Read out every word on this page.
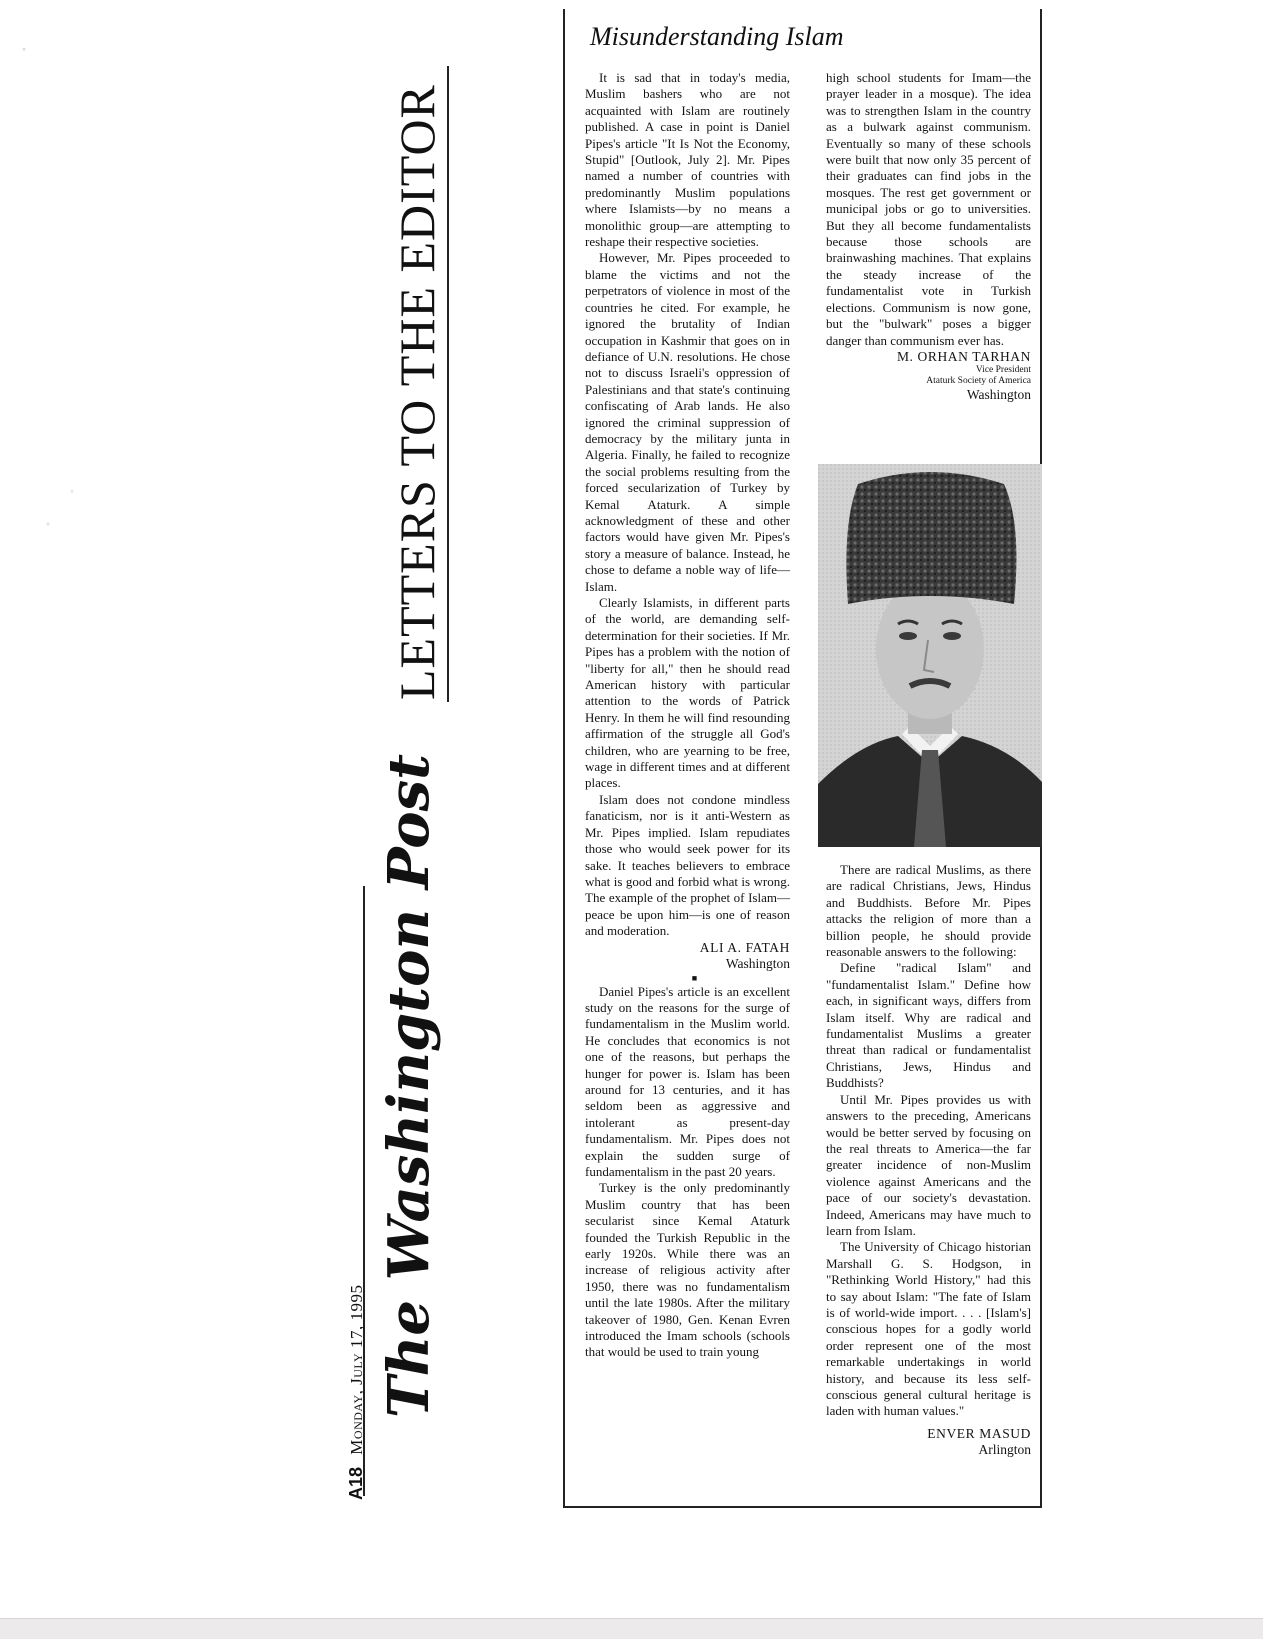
LETTERS TO THE EDITOR
The Washington Post
A18 Monday, July 17, 1995
Misunderstanding Islam

It is sad that in today's media, Muslim bashers who are not acquainted with Islam are routinely published. A case in point is Daniel Pipes's article "It Is Not the Economy, Stupid" [Outlook, July 2]. Mr. Pipes named a number of countries with predominantly Muslim populations where Islamists—by no means a monolithic group—are attempting to reshape their respective societies.

However, Mr. Pipes proceeded to blame the victims and not the perpetrators of violence in most of the countries he cited. For example, he ignored the brutality of Indian occupation in Kashmir that goes on in defiance of U.N. resolutions. He chose not to discuss Israeli's oppression of Palestinians and that state's continuing confiscating of Arab lands. He also ignored the criminal suppression of democracy by the military junta in Algeria. Finally, he failed to recognize the social problems resulting from the forced secularization of Turkey by Kemal Ataturk. A simple acknowledgment of these and other factors would have given Mr. Pipes's story a measure of balance. Instead, he chose to defame a noble way of life—Islam.

Clearly Islamists, in different parts of the world, are demanding self-determination for their societies. If Mr. Pipes has a problem with the notion of "liberty for all," then he should read American history with particular attention to the words of Patrick Henry. In them he will find resounding affirmation of the struggle all God's children, who are yearning to be free, wage in different times and at different places.

Islam does not condone mindless fanaticism, nor is it anti-Western as Mr. Pipes implied. Islam repudiates those who would seek power for its sake. It teaches believers to embrace what is good and forbid what is wrong. The example of the prophet of Islam—peace be upon him—is one of reason and moderation.

ALI A. FATAH

Washington

■

Daniel Pipes's article is an excellent study on the reasons for the surge of fundamentalism in the Muslim world. He concludes that economics is not one of the reasons, but perhaps the hunger for power is. Islam has been around for 13 centuries, and it has seldom been as aggressive and intolerant as present-day fundamentalism. Mr. Pipes does not explain the sudden surge of fundamentalism in the past 20 years.

Turkey is the only predominantly Muslim country that has been secularist since Kemal Ataturk founded the Turkish Republic in the early 1920s. While there was an increase of religious activity after 1950, there was no fundamentalism until the late 1980s. After the military takeover of 1980, Gen. Kenan Evren introduced the Imam schools (schools that would be used to train young

high school students for Imam—the prayer leader in a mosque). The idea was to strengthen Islam in the country as a bulwark against communism. Eventually so many of these schools were built that now only 35 percent of their graduates can find jobs in the mosques. The rest get government or municipal jobs or go to universities. But they all become fundamentalists because those schools are brainwashing machines. That explains the steady increase of the fundamentalist vote in Turkish elections. Communism is now gone, but the "bulwark" poses a bigger danger than communism ever has.

M. ORHAN TARHAN

Vice President

Ataturk Society of America

Washington

There are radical Muslims, as there are radical Christians, Jews, Hindus and Buddhists. Before Mr. Pipes attacks the religion of more than a billion people, he should provide reasonable answers to the following:

Define "radical Islam" and "fundamentalist Islam." Define how each, in significant ways, differs from Islam itself. Why are radical and fundamentalist Muslims a greater threat than radical or fundamentalist Christians, Jews, Hindus and Buddhists?

Until Mr. Pipes provides us with answers to the preceding, Americans would be better served by focusing on the real threats to America—the far greater incidence of non-Muslim violence against Americans and the pace of our society's devastation. Indeed, Americans may have much to learn from Islam.

The University of Chicago historian Marshall G. S. Hodgson, in "Rethinking World History," had this to say about Islam: "The fate of Islam is of world-wide import. . . . [Islam's] conscious hopes for a godly world order represent one of the most remarkable undertakings in world history, and because its less self-conscious general cultural heritage is laden with human values."

ENVER MASUD

Arlington
